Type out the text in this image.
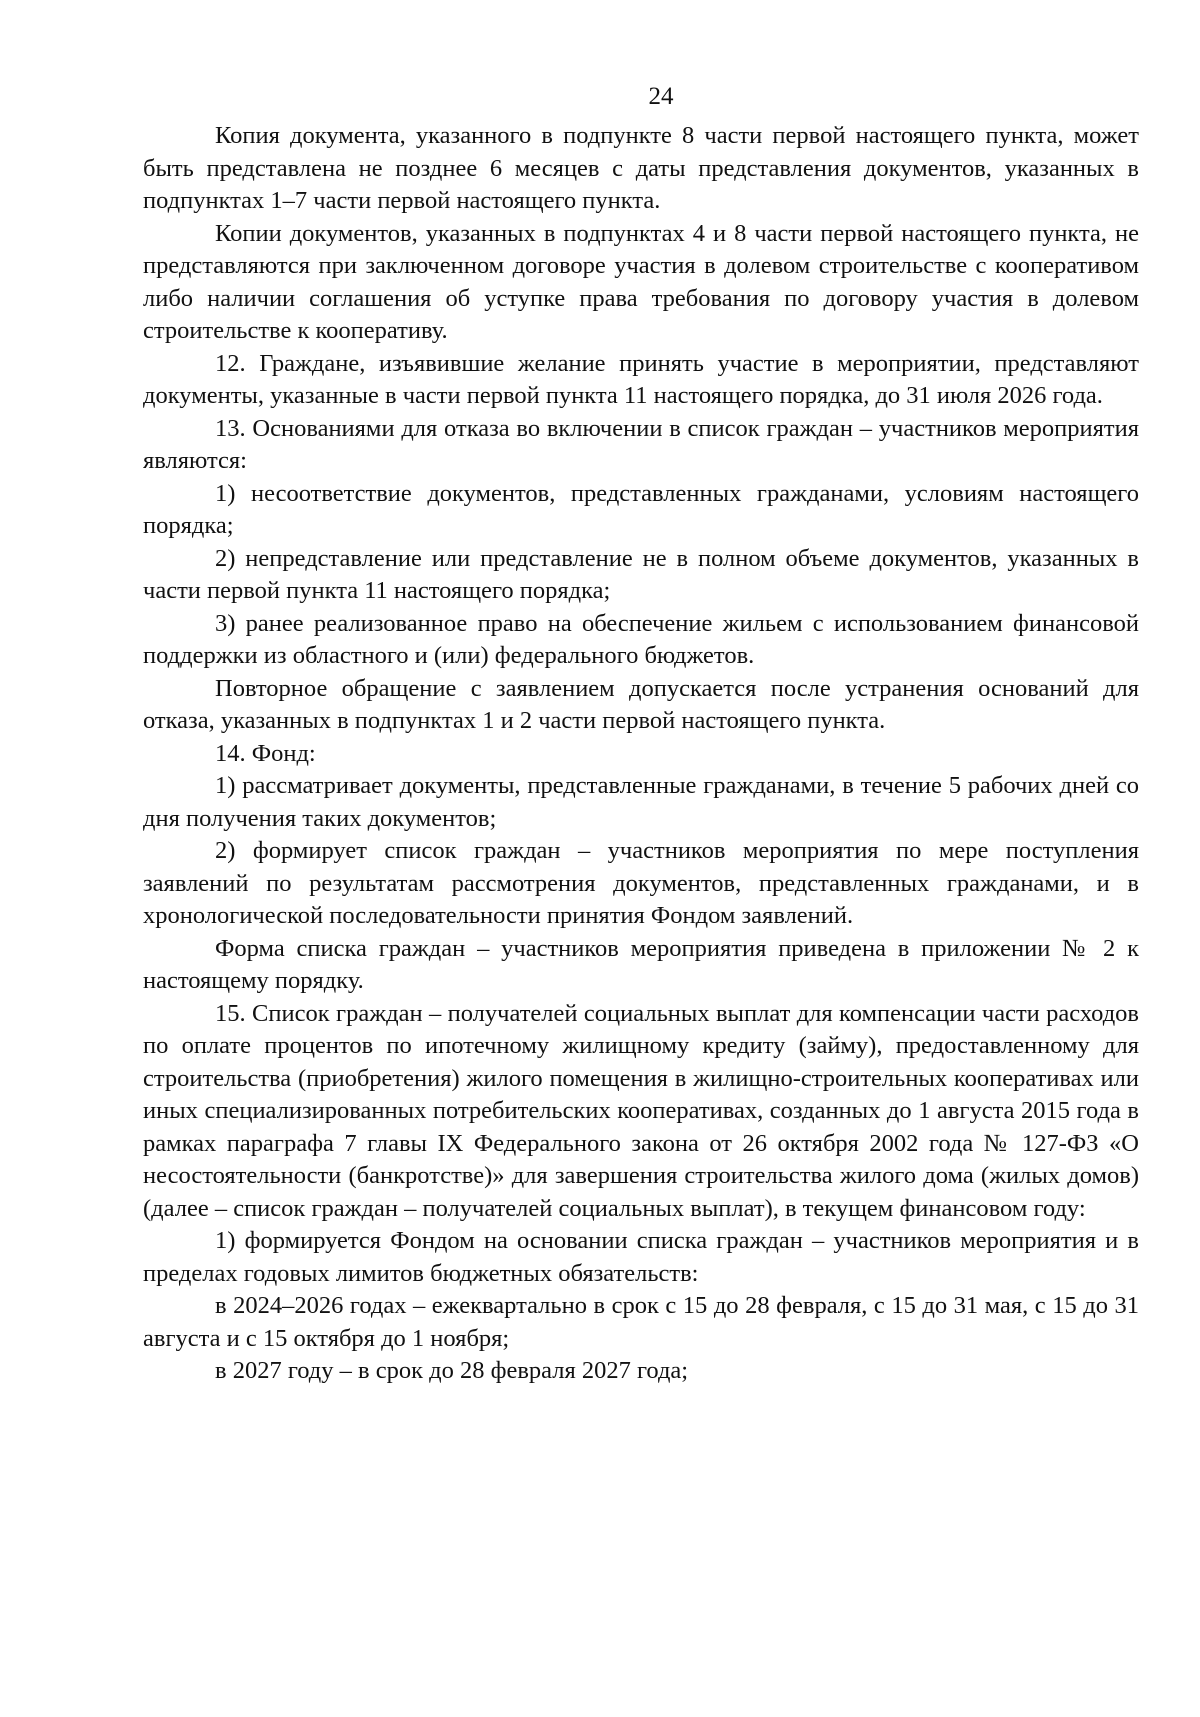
24

Копия документа, указанного в подпункте 8 части первой настоящего пункта, может быть представлена не позднее 6 месяцев с даты представления документов, указанных в подпунктах 1–7 части первой настоящего пункта.

Копии документов, указанных в подпунктах 4 и 8 части первой настоящего пункта, не представляются при заключенном договоре участия в долевом строительстве с кооперативом либо наличии соглашения об уступке права требования по договору участия в долевом строительстве к кооперативу.

12. Граждане, изъявившие желание принять участие в мероприятии, представляют документы, указанные в части первой пункта 11 настоящего порядка, до 31 июля 2026 года.

13. Основаниями для отказа во включении в список граждан – участников мероприятия являются:

1) несоответствие документов, представленных гражданами, условиям настоящего порядка;

2) непредставление или представление не в полном объеме документов, указанных в части первой пункта 11 настоящего порядка;

3) ранее реализованное право на обеспечение жильем с использованием финансовой поддержки из областного и (или) федерального бюджетов.

Повторное обращение с заявлением допускается после устранения оснований для отказа, указанных в подпунктах 1 и 2 части первой настоящего пункта.

14. Фонд:

1) рассматривает документы, представленные гражданами, в течение 5 рабочих дней со дня получения таких документов;

2) формирует список граждан – участников мероприятия по мере поступления заявлений по результатам рассмотрения документов, представленных гражданами, и в хронологической последовательности принятия Фондом заявлений.

Форма списка граждан – участников мероприятия приведена в приложении № 2 к настоящему порядку.

15. Список граждан – получателей социальных выплат для компенсации части расходов по оплате процентов по ипотечному жилищному кредиту (займу), предоставленному для строительства (приобретения) жилого помещения в жилищно-строительных кооперативах или иных специализированных потребительских кооперативах, созданных до 1 августа 2015 года в рамках параграфа 7 главы IX Федерального закона от 26 октября 2002 года № 127-ФЗ «О несостоятельности (банкротстве)» для завершения строительства жилого дома (жилых домов) (далее – список граждан – получателей социальных выплат), в текущем финансовом году:

1) формируется Фондом на основании списка граждан – участников мероприятия и в пределах годовых лимитов бюджетных обязательств:

в 2024–2026 годах – ежеквартально в срок с 15 до 28 февраля, с 15 до 31 мая, с 15 до 31 августа и с 15 октября до 1 ноября;

в 2027 году – в срок до 28 февраля 2027 года;
